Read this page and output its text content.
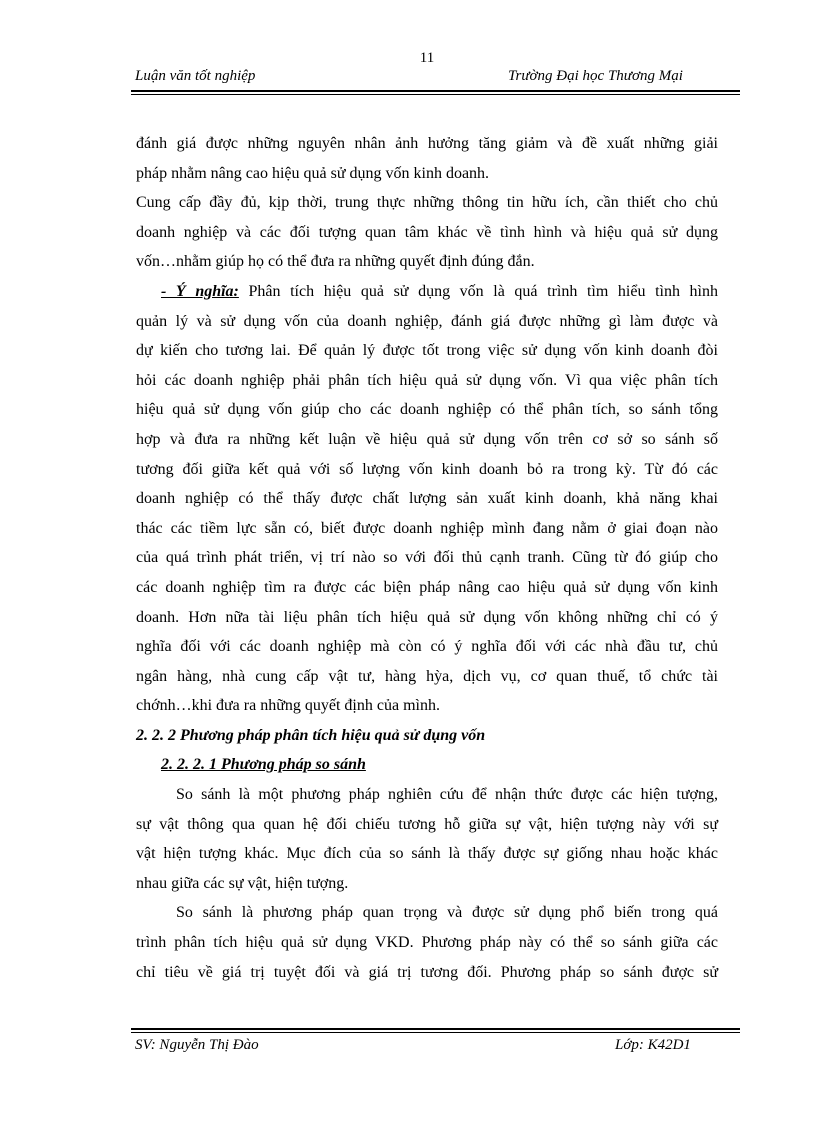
11
Luận văn tốt nghiệp	Trường Đại học Thương Mại
đánh giá được những nguyên nhân ảnh hưởng tăng giảm và đề xuất những giải
pháp nhằm nâng cao hiệu quả sử dụng vốn kinh doanh.
Cung cấp đầy đủ, kịp thời, trung thực những thông tin hữu ích, cần thiết cho chủ
doanh nghiệp và các đối tượng quan tâm khác về tình hình và hiệu quả sử dụng
vốn…nhằm giúp họ có thể đưa ra những quyết định đúng đắn.
- Ý nghĩa: Phân tích hiệu quả sử dụng vốn là quá trình tìm hiểu tình hình
quản lý và sử dụng vốn của doanh nghiệp, đánh giá được những gì làm được và
dự kiến cho tương lai. Để quản lý được tốt trong việc sử dụng vốn kinh doanh đòi
hỏi các doanh nghiệp phải phân tích hiệu quả sử dụng vốn. Vì qua việc phân tích
hiệu quả sử dụng vốn giúp cho các doanh nghiệp có thể phân tích, so sánh tổng
hợp và đưa ra những kết luận về hiệu quả sử dụng vốn trên cơ sở so sánh số
tương đối giữa kết quả với số lượng vốn kinh doanh bỏ ra trong kỳ. Từ đó các
doanh nghiệp có thể thấy được chất lượng sản xuất kinh doanh, khả năng khai
thác các tiềm lực sẵn có, biết được doanh nghiệp mình đang nằm ở giai đoạn nào
của quá trình phát triển, vị trí nào so với đối thủ cạnh tranh. Cũng từ đó giúp cho
các doanh nghiệp tìm ra được các biện pháp nâng cao hiệu quả sử dụng vốn kinh
doanh. Hơn nữa tài liệu phân tích hiệu quả sử dụng vốn không những chỉ có ý
nghĩa đối với các doanh nghiệp mà còn có ý nghĩa đối với các nhà đầu tư, chủ
ngân hàng, nhà cung cấp vật tư, hàng hỳa, dịch vụ, cơ quan thuế, tổ chức tài
chớnh…khi đưa ra những quyết định của mình.
2. 2. 2 Phương pháp phân tích hiệu quả sử dụng vốn
2. 2. 2. 1 Phương pháp so sánh
So sánh là một phương pháp nghiên cứu để nhận thức được các hiện tượng,
sự vật thông qua quan hệ đối chiếu tương hỗ giữa sự vật, hiện tượng này với sự
vật hiện tượng khác. Mục đích của so sánh là thấy được sự giống nhau hoặc khác
nhau giữa các sự vật, hiện tượng.
So sánh là phương pháp quan trọng và được sử dụng phổ biến trong quá
trình phân tích hiệu quả sử dụng VKD. Phương pháp này có thể so sánh giữa các
chỉ tiêu về giá trị tuyệt đối và giá trị tương đối. Phương pháp so sánh được sử
SV: Nguyễn Thị Đào	Lớp: K42D1
